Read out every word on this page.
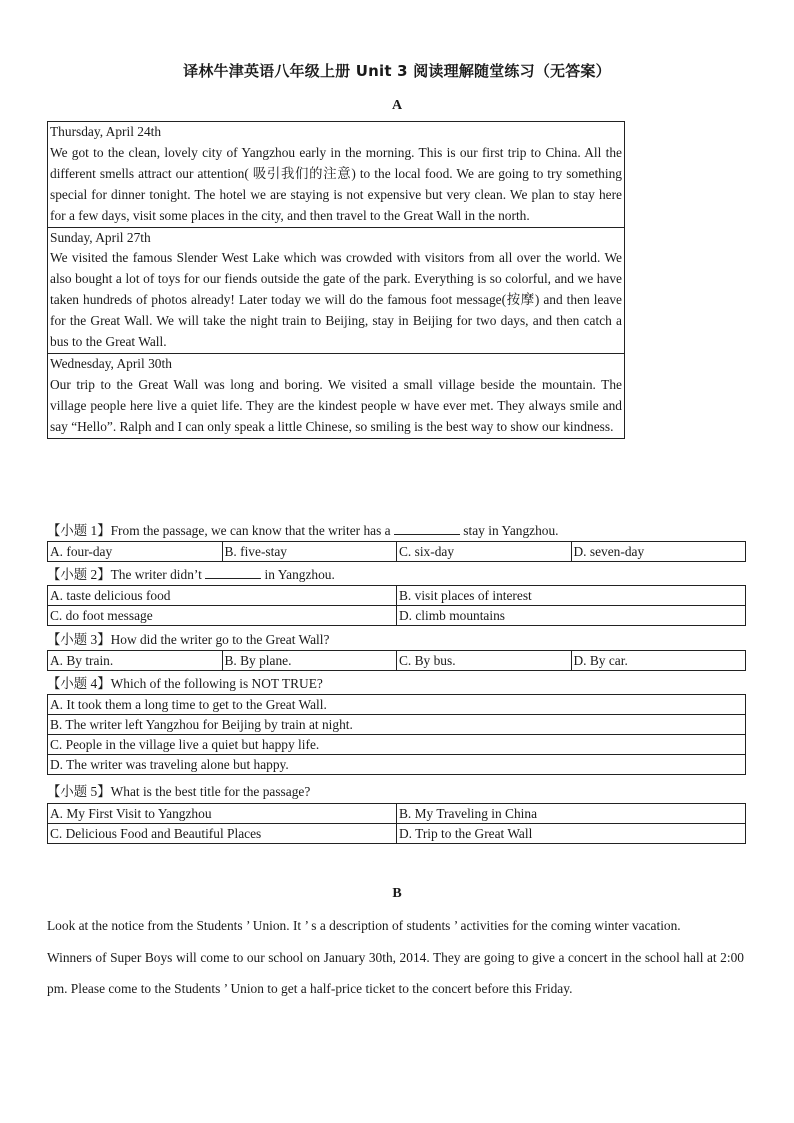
译林牛津英语八年级上册 Unit 3 阅读理解随堂练习（无答案）
A

Thursday, April 24th

We got to the clean, lovely city of Yangzhou early in the morning. This is our first trip to China. All the different smells attract our attention( 吸引我们的注意) to the local food. We are going to try something special for dinner tonight. The hotel we are staying is not expensive but very clean. We plan to stay here for a few days, visit some places in the city, and then travel to the Great Wall in the north.

Sunday, April 27th

We visited the famous Slender West Lake which was crowded with visitors from all over the world. We also bought a lot of toys for our fiends outside the gate of the park. Everything is so colorful, and we have taken hundreds of photos already! Later today we will do the famous foot message(按摩) and then leave for the Great Wall. We will take the night train to Beijing, stay in Beijing for two days, and then catch a bus to the Great Wall.

Wednesday, April 30th

Our trip to the Great Wall was long and boring. We visited a small village beside the mountain. The village people here live a quiet life. They are the kindest people w have ever met. They always smile and say “Hello”. Ralph and I can only speak a little Chinese, so smiling is the best way to show our kindness.

【小题 1】From the passage, we can know that the writer has a	stay in Yangzhou.
A. four-day	B. five-stay	C. six-day	D. seven-day
【小题 2】The writer didn’t	in Yangzhou.
A. taste delicious food	B. visit places of interest
C. do foot message	D. climb mountains
【小题 3】How did the writer go to the Great Wall?
A. By train.	B. By plane.	C. By bus.	D. By car.
【小题 4】Which of the following is NOT TRUE?
A. It took them a long time to get to the Great Wall.
B. The writer left Yangzhou for Beijing by train at night.
C. People in the village live a quiet but happy life.
D. The writer was traveling alone but happy.
【小题 5】What is the best title for the passage?
A. My First Visit to Yangzhou	B. My Traveling in China
C. Delicious Food and Beautiful Places	D. Trip to the Great Wall
B

Look at the notice from the Students ’ Union. It ’ s a description of students ’ activities for the coming winter vacation.

Winners of Super Boys will come to our school on January 30th, 2014. They are going to give a concert in the school hall at 2:00 pm. Please come to the Students ’ Union to get a half-price ticket to the concert before this Friday.
